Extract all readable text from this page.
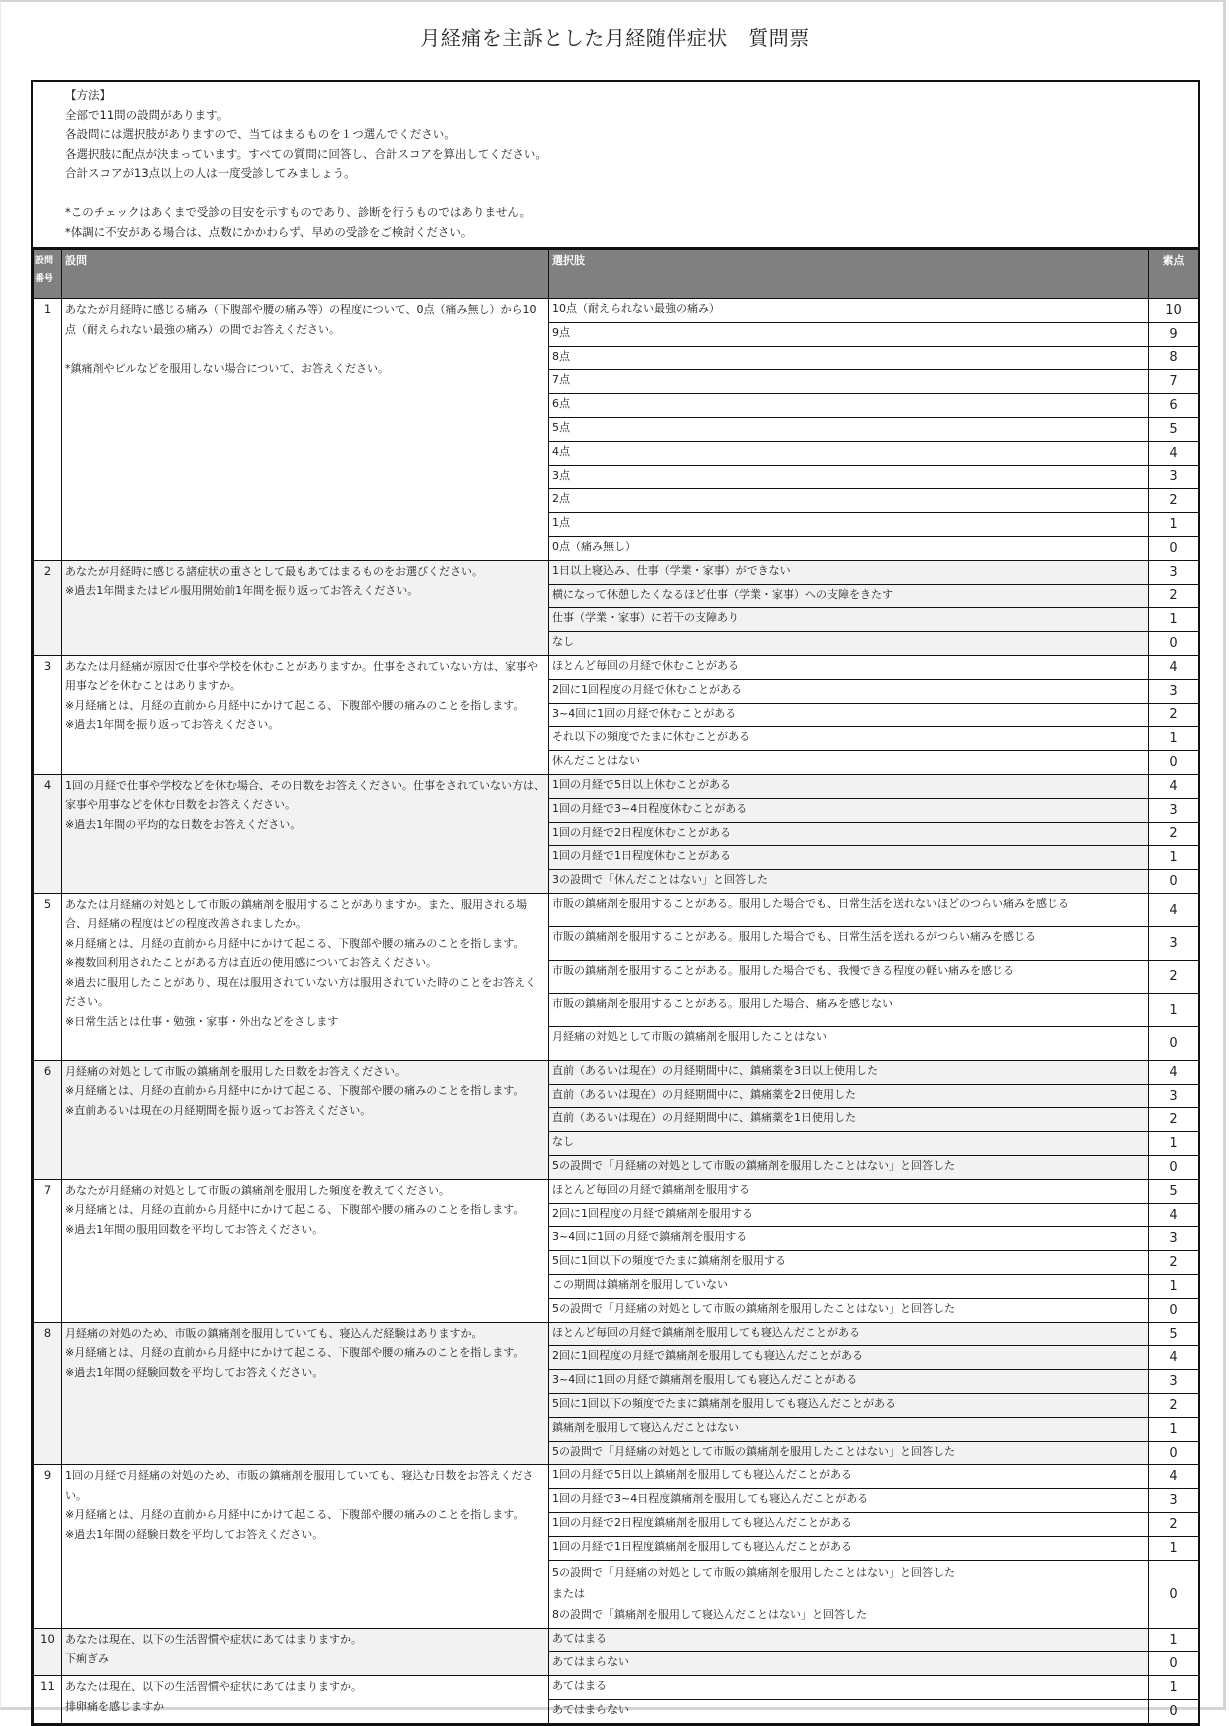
月経痛を主訴とした月経随伴症状　質問票
【方法】
全部で11問の設問があります。
各設問には選択肢がありますので、当てはまるものを１つ選んでください。
各選択肢に配点が決まっています。すべての質問に回答し、合計スコアを算出してください。
合計スコアが13点以上の人は一度受診してみましょう。
*このチェックはあくまで受診の目安を示すものであり、診断を行うものではありません。
*体調に不安がある場合は、点数にかかわらず、早めの受診をご検討ください。
設問番号	設問	選択肢	素点
1	あなたが月経時に感じる痛み（下腹部や腰の痛み等）の程度について、0点（痛み無し）から10点（耐えられない最強の痛み）の間でお答えください。

*鎮痛剤やピルなどを服用しない場合について、お答えください。	10点（耐えられない最強の痛み）	10
		9点	9
		8点	8
		7点	7
		6点	6
		5点	5
		4点	4
		3点	3
		2点	2
		1点	1
		0点（痛み無し）	0
2	あなたが月経時に感じる諸症状の重さとして最もあてはまるものをお選びください。
※過去1年間またはピル服用開始前1年間を振り返ってお答えください。	1日以上寝込み、仕事（学業・家事）ができない	3
		横になって休憩したくなるほど仕事（学業・家事）への支障をきたす	2
		仕事（学業・家事）に若干の支障あり	1
		なし	0
3	あなたは月経痛が原因で仕事や学校を休むことがありますか。仕事をされていない方は、家事や用事などを休むことはありますか。
※月経痛とは、月経の直前から月経中にかけて起こる、下腹部や腰の痛みのことを指します。
※過去1年間を振り返ってお答えください。	ほとんど毎回の月経で休むことがある	4
		2回に1回程度の月経で休むことがある	3
		3~4回に1回の月経で休むことがある	2
		それ以下の頻度でたまに休むことがある	1
		休んだことはない	0
4	1回の月経で仕事や学校などを休む場合、その日数をお答えください。仕事をされていない方は、家事や用事などを休む日数をお答えください。
※過去1年間の平均的な日数をお答えください。	1回の月経で5日以上休むことがある	4
		1回の月経で3~4日程度休むことがある	3
		1回の月経で2日程度休むことがある	2
		1回の月経で1日程度休むことがある	1
		3の設問で「休んだことはない」と回答した	0
5	あなたは月経痛の対処として市販の鎮痛剤を服用することがありますか。また、服用される場合、月経痛の程度はどの程度改善されましたか。
※月経痛とは、月経の直前から月経中にかけて起こる、下腹部や腰の痛みのことを指します。
※複数回利用されたことがある方は直近の使用感についてお答えください。
※過去に服用したことがあり、現在は服用されていない方は服用されていた時のことをお答えください。
※日常生活とは仕事・勉強・家事・外出などをさします	市販の鎮痛剤を服用することがある。服用した場合でも、日常生活を送れないほどのつらい痛みを感じる	4
		市販の鎮痛剤を服用することがある。服用した場合でも、日常生活を送れるがつらい痛みを感じる	3
		市販の鎮痛剤を服用することがある。服用した場合でも、我慢できる程度の軽い痛みを感じる	2
		市販の鎮痛剤を服用することがある。服用した場合、痛みを感じない	1
		月経痛の対処として市販の鎮痛剤を服用したことはない	0
6	月経痛の対処として市販の鎮痛剤を服用した日数をお答えください。
※月経痛とは、月経の直前から月経中にかけて起こる、下腹部や腰の痛みのことを指します。
※直前あるいは現在の月経期間を振り返ってお答えください。	直前（あるいは現在）の月経期間中に、鎮痛薬を3日以上使用した	4
		直前（あるいは現在）の月経期間中に、鎮痛薬を2日使用した	3
		直前（あるいは現在）の月経期間中に、鎮痛薬を1日使用した	2
		なし	1
		5の設問で「月経痛の対処として市販の鎮痛剤を服用したことはない」と回答した	0
7	あなたが月経痛の対処として市販の鎮痛剤を服用した頻度を教えてください。
※月経痛とは、月経の直前から月経中にかけて起こる、下腹部や腰の痛みのことを指します。
※過去1年間の服用回数を平均してお答えください。	ほとんど毎回の月経で鎮痛剤を服用する	5
		2回に1回程度の月経で鎮痛剤を服用する	4
		3~4回に1回の月経で鎮痛剤を服用する	3
		5回に1回以下の頻度でたまに鎮痛剤を服用する	2
		この期間は鎮痛剤を服用していない	1
		5の設問で「月経痛の対処として市販の鎮痛剤を服用したことはない」と回答した	0
8	月経痛の対処のため、市販の鎮痛剤を服用していても、寝込んだ経験はありますか。
※月経痛とは、月経の直前から月経中にかけて起こる、下腹部や腰の痛みのことを指します。
※過去1年間の経験回数を平均してお答えください。	ほとんど毎回の月経で鎮痛剤を服用しても寝込んだことがある	5
		2回に1回程度の月経で鎮痛剤を服用しても寝込んだことがある	4
		3~4回に1回の月経で鎮痛剤を服用しても寝込んだことがある	3
		5回に1回以下の頻度でたまに鎮痛剤を服用しても寝込んだことがある	2
		鎮痛剤を服用して寝込んだことはない	1
		5の設問で「月経痛の対処として市販の鎮痛剤を服用したことはない」と回答した	0
9	1回の月経で月経痛の対処のため、市販の鎮痛剤を服用していても、寝込む日数をお答えください。
※月経痛とは、月経の直前から月経中にかけて起こる、下腹部や腰の痛みのことを指します。
※過去1年間の経験日数を平均してお答えください。	1回の月経で5日以上鎮痛剤を服用しても寝込んだことがある	4
		1回の月経で3~4日程度鎮痛剤を服用しても寝込んだことがある	3
		1回の月経で2日程度鎮痛剤を服用しても寝込んだことがある	2
		1回の月経で1日程度鎮痛剤を服用しても寝込んだことがある	1
		5の設問で「月経痛の対処として市販の鎮痛剤を服用したことはない」と回答した
または
8の設問で「鎮痛剤を服用して寝込んだことはない」と回答した	0
10	あなたは現在、以下の生活習慣や症状にあてはまりますか。
下痢ぎみ	あてはまる	1
		あてはまらない	0
11	あなたは現在、以下の生活習慣や症状にあてはまりますか。
排卵痛を感じますか	あてはまる	1
		あてはまらない	0
